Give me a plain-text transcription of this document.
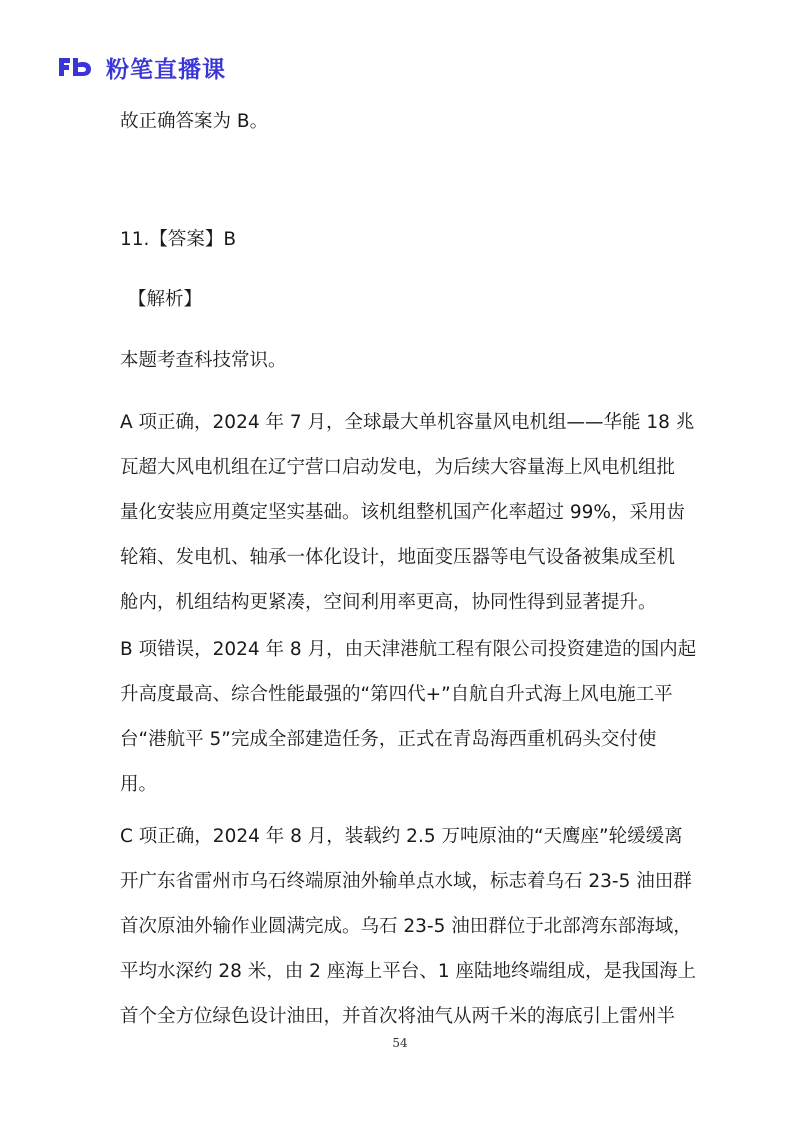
粉笔直播课
故正确答案为 B。
11.【答案】B
【解析】
本题考查科技常识。
A 项正确，2024 年 7 月，全球最大单机容量风电机组——华能 18 兆
瓦超大风电机组在辽宁营口启动发电，为后续大容量海上风电机组批
量化安装应用奠定坚实基础。该机组整机国产化率超过 99%，采用齿
轮箱、发电机、轴承一体化设计，地面变压器等电气设备被集成至机
舱内，机组结构更紧凑，空间利用率更高，协同性得到显著提升。
B 项错误，2024 年 8 月，由天津港航工程有限公司投资建造的国内起
升高度最高、综合性能最强的“第四代+”自航自升式海上风电施工平
台“港航平 5”完成全部建造任务，正式在青岛海西重机码头交付使
用。
C 项正确，2024 年 8 月，装载约 2.5 万吨原油的“天鹰座”轮缓缓离
开广东省雷州市乌石终端原油外输单点水域，标志着乌石 23-5 油田群
首次原油外输作业圆满完成。乌石 23-5 油田群位于北部湾东部海域，
平均水深约 28 米，由 2 座海上平台、1 座陆地终端组成，是我国海上
首个全方位绿色设计油田，并首次将油气从两千米的海底引上雷州半
54
